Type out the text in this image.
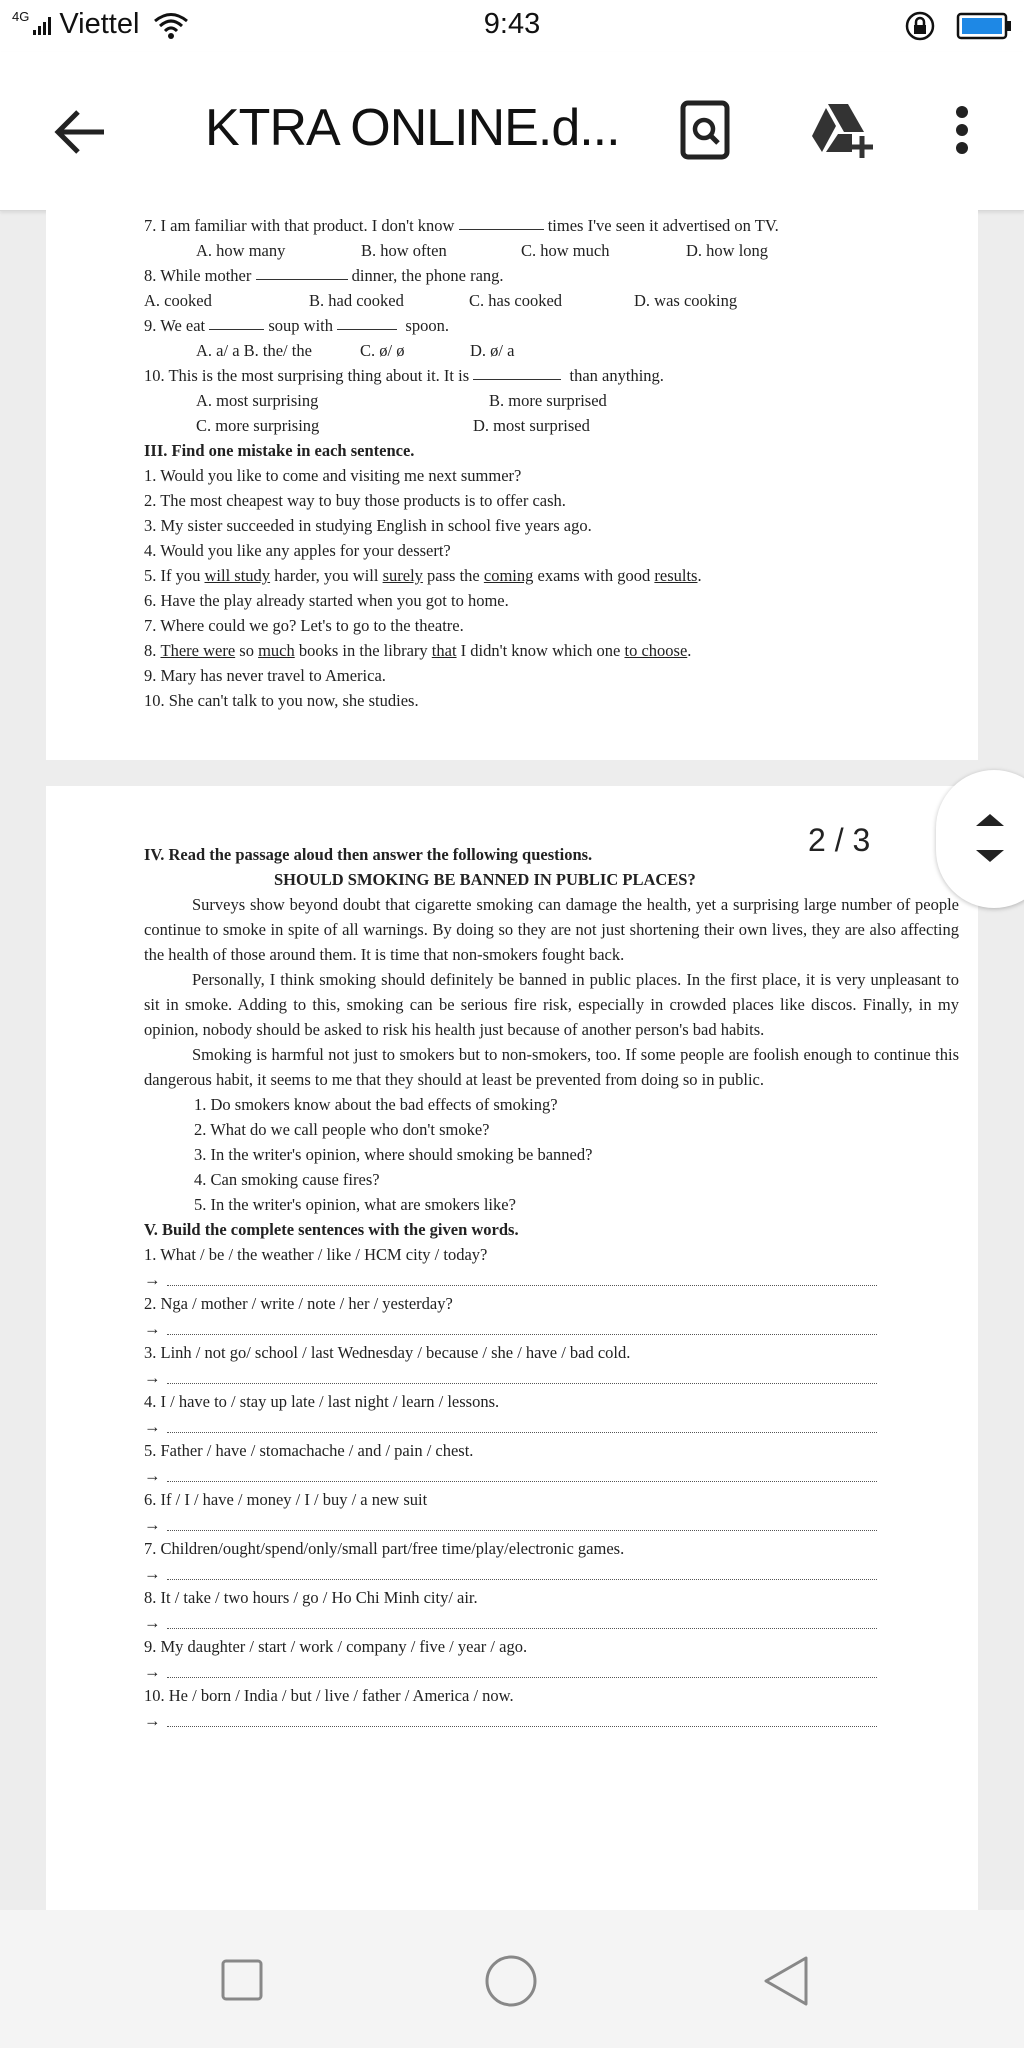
4G Viettel	9:43
KTRA ONLINE.d...
7. I am familiar with that product. I don't know

	times I've seen it advertised on TV.
A. how many	B. how often	C. how much	D. how long
8. While mother

	dinner, the phone rang.
A. cooked	B. had cooked	C. has cooked	D. was cooking
9. We eat

	soup with

	spoon.
A. a/ a B. the/ the	C. ø/ ø	D. ø/ a
10. This is the most surprising thing about it. It is

	than anything.
A. most surprising	B. more surprised
C. more surprising	D. most surprised
III. Find one mistake in each sentence.
1. Would you like to come and visiting me next summer?
2. The most cheapest way to buy those products is to offer cash.
3. My sister succeeded in studying English in school five years ago.
4. Would you like any apples for your dessert?
5. If you will study harder, you will surely pass the coming exams with good results .
6. Have the play already started when you got to home.
7. Where could we go? Let's to go to the theatre.
8. There were so much books in the library that I didn't know which one to choose .
9. Mary has never travel to America.
10. She can't talk to you now, she studies.
IV. Read the passage aloud then answer the following questions.
SHOULD SMOKING BE BANNED IN PUBLIC PLACES?
Surveys show beyond doubt that cigarette smoking can damage the health, yet a surprising large number of people continue to smoke in spite of all warnings. By doing so they are not just shortening their own lives, they are also affecting the health of those around them. It is time that non-smokers fought back.
Personally, I think smoking should definitely be banned in public places. In the first place, it is very unpleasant to sit in smoke. Adding to this, smoking can be serious fire risk, especially in crowded places like discos. Finally, in my opinion, nobody should be asked to risk his health just because of another person's bad habits.
Smoking is harmful not just to smokers but to non-smokers, too. If some people are foolish enough to continue this dangerous habit, it seems to me that they should at least be prevented from doing so in public.
1. Do smokers know about the bad effects of smoking?
2. What do we call people who don't smoke?
3. In the writer's opinion, where should smoking be banned?
4. Can smoking cause fires?
5. In the writer's opinion, what are smokers like?
V. Build the complete sentences with the given words.
1. What / be / the weather / like / HCM city / today?
→
2. Nga / mother / write / note / her / yesterday?
→
3. Linh / not go/ school / last Wednesday / because / she / have / bad cold.
→
4. I / have to / stay up late / last night / learn / lessons.
→
5. Father / have / stomachache / and / pain / chest.
→
6. If / I / have / money / I / buy / a new suit
→
7. Children/ought/spend/only/small part/free time/play/electronic games.
→
8. It / take / two hours / go / Ho Chi Minh city/ air.
→
9. My daughter / start / work / company / five / year / ago.
→
10. He / born / India / but / live / father / America / now.
→
2 / 3
